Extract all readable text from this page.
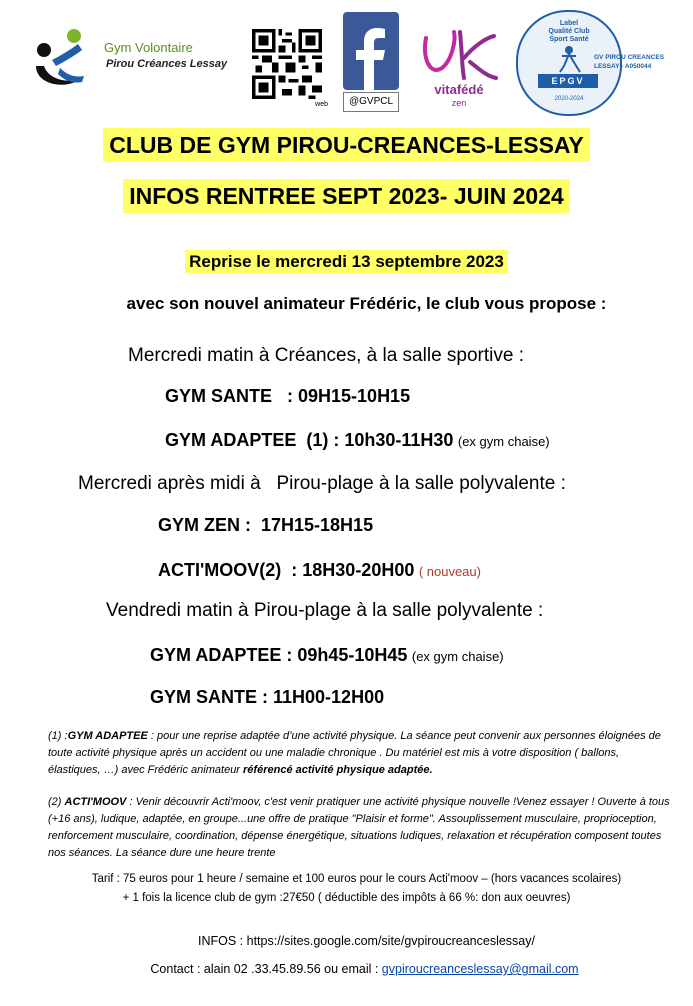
Gym Volontaire
Pirou Créances Lessay
web	@GVPCL
vitafédé
zen
Label
Qualité Club
Sport Santé
EPGV
2020-2024
GV PIROU CREANCES
LESSAY - A050044
CLUB DE GYM PIROU-CREANCES-LESSAY
INFOS RENTREE SEPT 2023- JUIN 2024
Reprise le mercredi 13 septembre 2023
avec son nouvel animateur Frédéric, le club vous propose :
Mercredi matin à Créances, à la salle sportive :
GYM SANTE   : 09H15-10H15
GYM ADAPTEE  (1) : 10h30-11H30 (ex gym chaise)
Mercredi après midi à   Pirou-plage à la salle polyvalente :
GYM ZEN :  17H15-18H15
ACTI'MOOV(2)  : 18H30-20H00 ( nouveau)
Vendredi matin à Pirou-plage à la salle polyvalente :
GYM ADAPTEE : 09h45-10H45 (ex gym chaise)
GYM SANTE : 11H00-12H00
(1) :GYM ADAPTEE : pour une reprise adaptée d’une activité physique. La séance peut convenir aux personnes éloignées de toute activité physique après un accident ou une maladie chronique . Du matériel est mis à votre disposition ( ballons, élastiques, …) avec Frédéric animateur référencé activité physique adaptée.
(2) ACTI'MOOV : Venir découvrir Acti'moov, c'est venir pratiquer une activité physique nouvelle !Venez essayer ! Ouverte à tous (+16 ans), ludique, adaptée, en groupe...une offre de pratique "Plaisir et forme". Assouplissement musculaire, proprioception, renforcement musculaire, coordination, dépense énergétique, situations ludiques, relaxation et récupération composent toutes nos séances. La séance dure une heure trente
Tarif : 75 euros pour 1 heure / semaine et 100 euros pour le cours Acti'moov – (hors vacances scolaires)
+ 1 fois la licence club de gym :27€50 ( déductible des impôts à 66 %: don aux oeuvres)
INFOS : https://sites.google.com/site/gvpiroucreanceslessay/
Contact : alain 02 .33.45.89.56 ou email : gvpiroucreanceslessay@gmail.com
